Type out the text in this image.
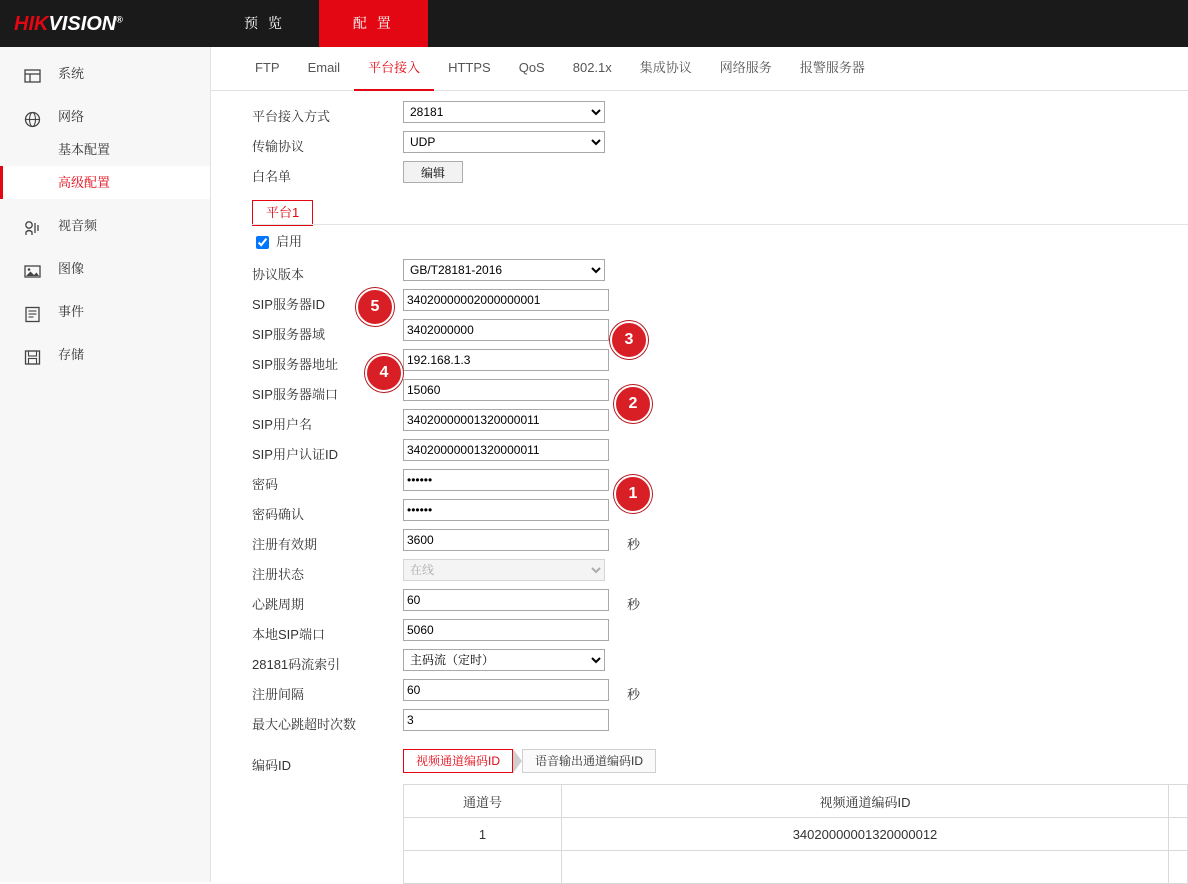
HIKVISION®	预 览	配 置
系统
网络
基本配置
高级配置
视音频
图像
事件
存储
FTP Email 平台接入 HTTPS QoS 802.1x 集成协议 网络服务 报警服务器
平台接入方式
28181
传输协议
UDP
白名单	编辑
平台1
启用
协议版本
GB/T28181-2016
SIP服务器ID
34020000002000000001
SIP服务器域
3402000000
SIP服务器地址
192.168.1.3
SIP服务器端口
15060
SIP用户名
34020000001320000011
SIP用户认证ID
34020000001320000011
密码
••••••
密码确认
••••••
注册有效期
3600	秒
注册状态
在线
心跳周期
60	秒
本地SIP端口
5060
28181码流索引
主码流（定时）
注册间隔
60	秒
最大心跳超时次数
3
编码ID	视频通道编码ID	语音输出通道编码ID
通道号	视频通道编码ID	
1	34020000001320000012	

1
2
3
4
5
